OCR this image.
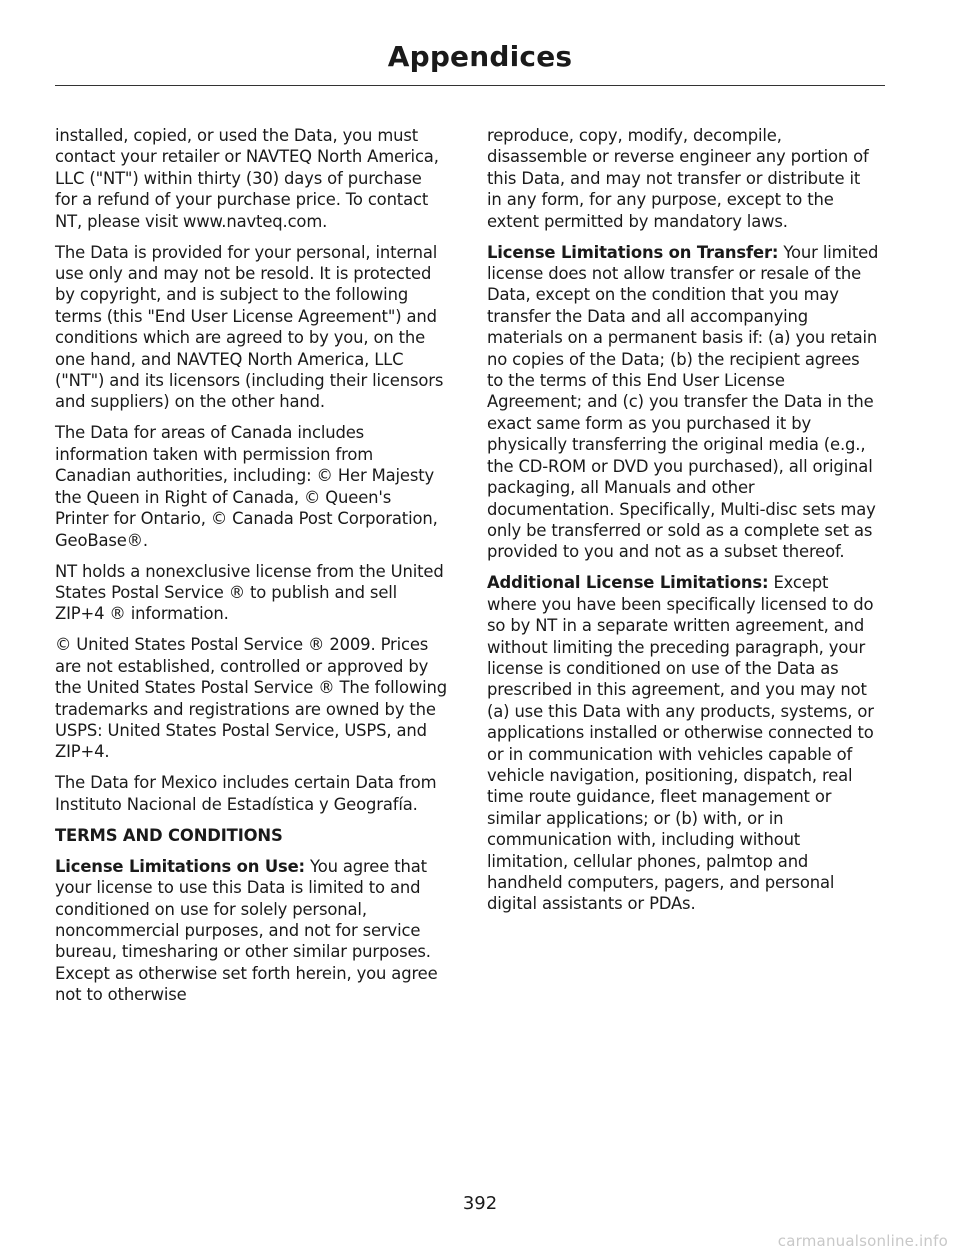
Appendices

installed, copied, or used the Data, you must contact your retailer or NAVTEQ North America, LLC ("NT") within thirty (30) days of purchase for a refund of your purchase price. To contact NT, please visit www.navteq.com.

The Data is provided for your personal, internal use only and may not be resold. It is protected by copyright, and is subject to the following terms (this "End User License Agreement") and conditions which are agreed to by you, on the one hand, and NAVTEQ North America, LLC ("NT") and its licensors (including their licensors and suppliers) on the other hand.

The Data for areas of Canada includes information taken with permission from Canadian authorities, including: © Her Majesty the Queen in Right of Canada, © Queen's Printer for Ontario, © Canada Post Corporation, GeoBase®.

NT holds a nonexclusive license from the United States Postal Service ® to publish and sell ZIP+4 ® information.

© United States Postal Service ® 2009. Prices are not established, controlled or approved by the United States Postal Service ® The following trademarks and registrations are owned by the USPS: United States Postal Service, USPS, and ZIP+4.

The Data for Mexico includes certain Data from Instituto Nacional de Estadística y Geografía.

TERMS AND CONDITIONS

License Limitations on Use: You agree that your license to use this Data is limited to and conditioned on use for solely personal, noncommercial purposes, and not for service bureau, timesharing or other similar purposes. Except as otherwise set forth herein, you agree not to otherwise

reproduce, copy, modify, decompile, disassemble or reverse engineer any portion of this Data, and may not transfer or distribute it in any form, for any purpose, except to the extent permitted by mandatory laws.

License Limitations on Transfer: Your limited license does not allow transfer or resale of the Data, except on the condition that you may transfer the Data and all accompanying materials on a permanent basis if: (a) you retain no copies of the Data; (b) the recipient agrees to the terms of this End User License Agreement; and (c) you transfer the Data in the exact same form as you purchased it by physically transferring the original media (e.g., the CD-ROM or DVD you purchased), all original packaging, all Manuals and other documentation. Specifically, Multi-disc sets may only be transferred or sold as a complete set as provided to you and not as a subset thereof.

Additional License Limitations: Except where you have been specifically licensed to do so by NT in a separate written agreement, and without limiting the preceding paragraph, your license is conditioned on use of the Data as prescribed in this agreement, and you may not (a) use this Data with any products, systems, or applications installed or otherwise connected to or in communication with vehicles capable of vehicle navigation, positioning, dispatch, real time route guidance, fleet management or similar applications; or (b) with, or in communication with, including without limitation, cellular phones, palmtop and handheld computers, pagers, and personal digital assistants or PDAs.

392
carmanualsonline.info
